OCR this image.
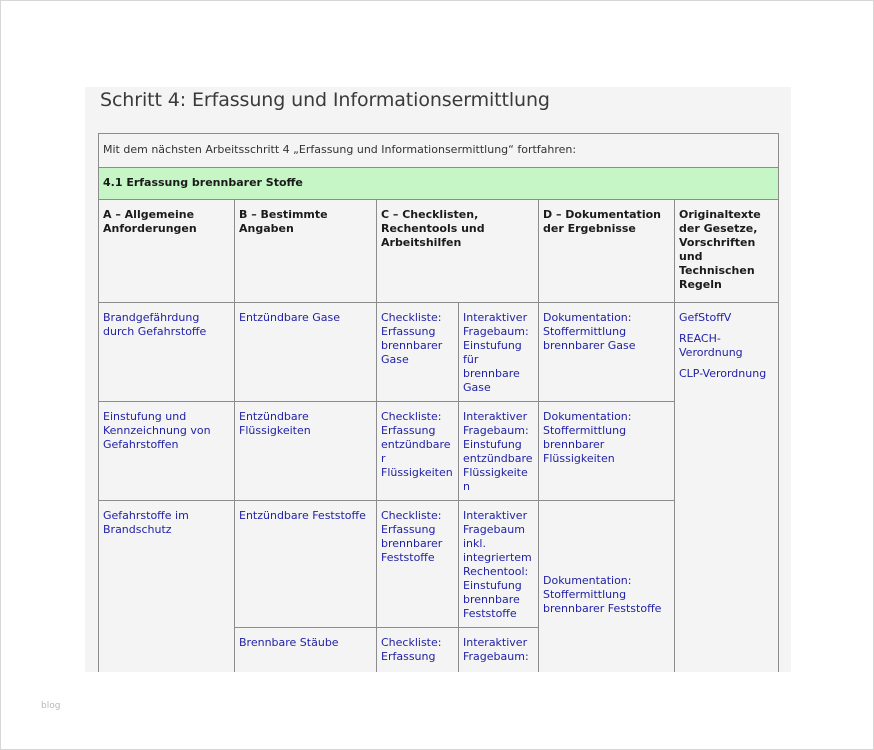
Schritt 4: Erfassung und Informationsermittlung
Mit dem nächsten Arbeitsschritt 4 „Erfassung und Informationsermittlung“ fortfahren:					
4.1 Erfassung brennbarer Stoffe					
A – Allgemeine Anforderungen	B – Bestimmte Angaben	C – Checklisten, Rechentools und Arbeitshilfen		D – Dokumentation der Ergebnisse	Originaltexte der Gesetze, Vorschriften und Technischen Regeln
Brandgefährdung durch Gefahrstoffe	Entzündbare Gase	Checkliste: Erfassung brennbarer Gase	Interaktiver Fragebaum: Einstufung für brennbare Gase	Dokumentation: Stoffermittlung brennbarer Gase	GefStoffV
REACH-Verordnung
CLP-Verordnung

Einstufung und Kennzeichnung von Gefahrstoffen	Entzündbare Flüssigkeiten	Checkliste: Erfassung entzündbarer Flüssigkeiten	Interaktiver Fragebaum: Einstufung entzündbare Flüssigkeiten	Dokumentation: Stoffermittlung brennbarer Flüssigkeiten	
Gefahrstoffe im Brandschutz	Entzündbare Feststoffe	Checkliste: Erfassung brennbarer Feststoffe	Interaktiver Fragebaum inkl. integriertem Rechentool: Einstufung brennbare Feststoffe	Dokumentation: Stoffermittlung brennbarer Feststoffe	
	Brennbare Stäube	Checkliste: Erfassung	Interaktiver Fragebaum:		
blog
